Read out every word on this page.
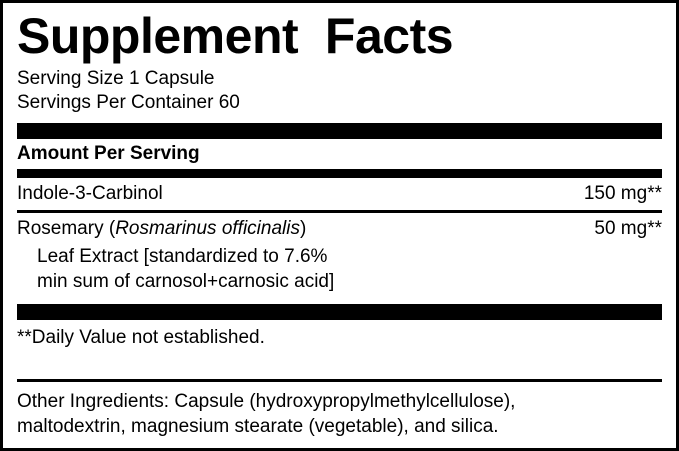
Supplement  Facts
Serving Size 1 Capsule
Servings Per Container 60
Amount Per Serving
Indole-3-Carbinol	150 mg**
Rosemary (Rosmarinus officinalis)	50 mg**
Leaf Extract [standardized to 7.6%
min sum of carnosol+carnosic acid]
**Daily Value not established.
Other Ingredients: Capsule (hydroxypropylmethylcellulose),
maltodextrin, magnesium stearate (vegetable), and silica.
